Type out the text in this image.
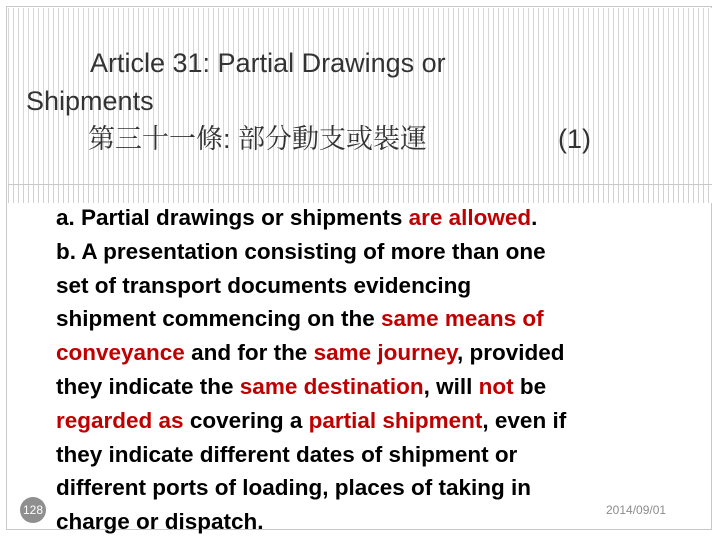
Article 31: Partial Drawings or
Shipments
第三十一條: 部分動支或裝運	(1)
a. Partial drawings or shipments are allowed.
b. A presentation consisting of more than one
set of transport documents evidencing
shipment commencing on the same means of
conveyance and for the same journey, provided
they indicate the same destination, will not be
regarded as covering a partial shipment, even if
they indicate different dates of shipment or
different ports of loading, places of taking in
charge or dispatch.
128	2014/09/01
